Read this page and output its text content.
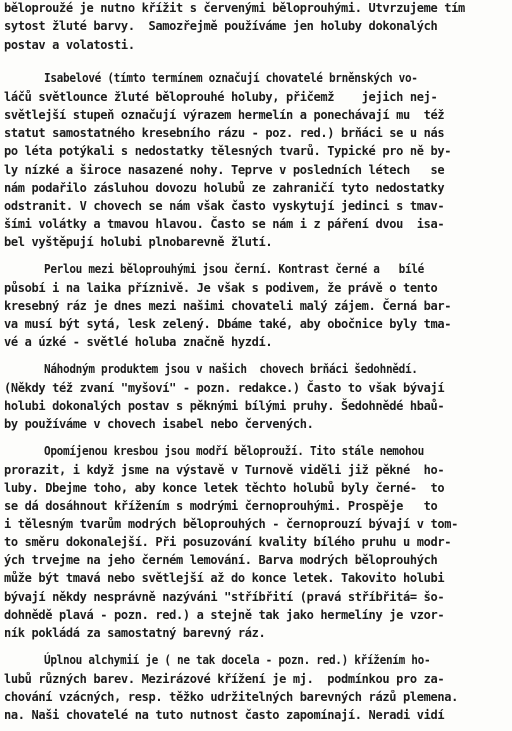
běloproužé je nutno křížit s červenými běloprouhými. Utvrzujeme tím
sytost žluté barvy.  Samozřejmě používáme jen holuby dokonalých
postav a volatosti.
Isabelové (tímto termínem označují chovatelé brněnských vo-
láčů světlounce žluté běloprouhé holuby, přičemž    jejich nej-
světlejší stupeň označují výrazem hermelín a ponechávají mu  též
statut samostatného kresebního rázu - poz. red.) brňáci se u nás
po léta potýkali s nedostatky tělesných tvarů. Typické pro ně by-
ly nízké a široce nasazené nohy. Teprve v posledních létech   se
nám podařilo zásluhou dovozu holubů ze zahraničí tyto nedostatky
odstranit. V chovech se nám však často vyskytují jedinci s tmav-
šími volátky a tmavou hlavou. Často se nám i z páření dvou  isa-
bel vyštěpují holubi plnobarevně žlutí.
Perlou mezi běloprouhými jsou černí. Kontrast černé a   bílé
působí i na laika příznivě. Je však s podivem, že právě o tento
kresebný ráz je dnes mezi našimi chovateli malý zájem. Černá bar-
va musí být sytá, lesk zelený. Dbáme také, aby obočnice byly tma-
vé a úzké - světlé holuba značně hyzdí.
Náhodným produktem jsou v našich  chovech brňáci šedohnědí.
(Někdy též zvaní "myšoví" - pozn. redakce.) Často to však bývají
holubi dokonalých postav s pěknými bílými pruhy. Šedohnědé hbaů-
by používáme v chovech isabel nebo červených.
Opomíjenou kresbou jsou modří běloprouží. Tito stále nemohou
prorazit, i když jsme na výstavě v Turnově viděli již pěkné  ho-
luby. Dbejme toho, aby konce letek těchto holubů byly černé-  to
se dá dosáhnout křížením s modrými černoprouhými. Prospěje   to
i tělesným tvarům modrých běloprouhých - černoprouzí bývají v tom-
to směru dokonalejší. Při posuzování kvality bílého pruhu u modr-
ých trvejme na jeho černém lemování. Barva modrých běloprouhých
může být tmavá nebo světlejší až do konce letek. Takovito holubi
bývají někdy nesprávně nazýváni "stříbřití (pravá stříbřitá= šo-
dohnědě plavá - pozn. red.) a stejně tak jako hermelíny je vzor-
ník pokládá za samostatný barevný ráz.
Úplnou alchymií je ( ne tak docela - pozn. red.) křížením ho-
lubů různých barev. Mezirázové křížení je mj.  podmínkou pro za-
chování vzácných, resp. těžko udržitelných barevných rázů plemena.
na. Naši chovatelé na tuto nutnost často zapomínají. Neradi vidí
